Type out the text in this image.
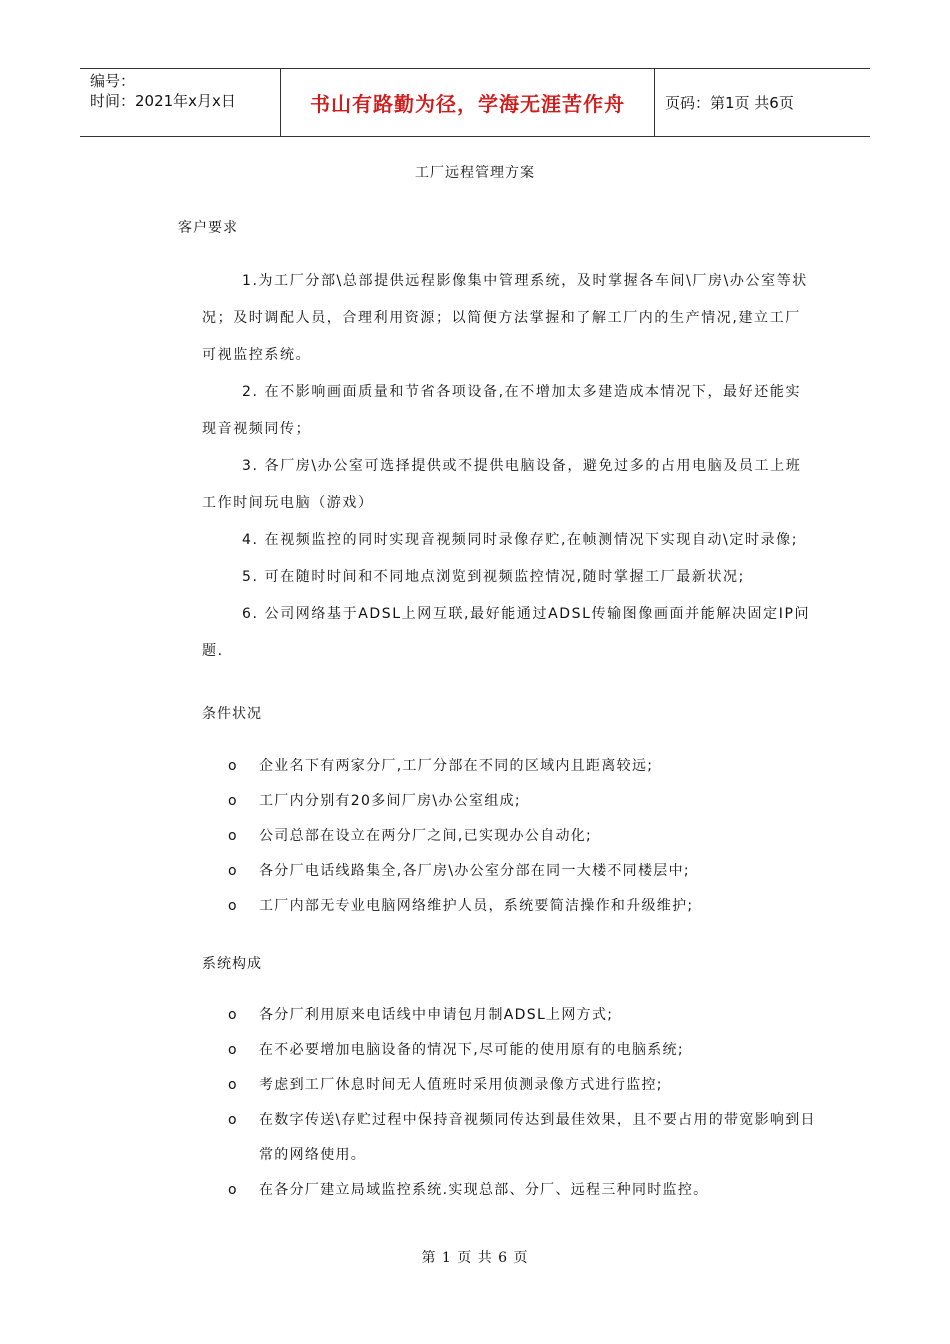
编号：
时间：2021年x月x日	书山有路勤为径，学海无涯苦作舟	页码：第1页 共6页
工厂远程管理方案
客户要求

1.为工厂分部\总部提供远程影像集中管理系统，及时掌握各车间\厂房\办公室等状况；及时调配人员，合理利用资源；以简便方法掌握和了解工厂内的生产情况,建立工厂可视监控系统。

2. 在不影响画面质量和节省各项设备,在不增加太多建造成本情况下，最好还能实现音视频同传；

3. 各厂房\办公室可选择提供或不提供电脑设备，避免过多的占用电脑及员工上班工作时间玩电脑（游戏）

4. 在视频监控的同时实现音视频同时录像存贮,在帧测情况下实现自动\定时录像;

5. 可在随时时间和不同地点浏览到视频监控情况,随时掌握工厂最新状况;

6. 公司网络基于ADSL上网互联,最好能通过ADSL传输图像画面并能解决固定IP问题.

条件状况
o 企业名下有两家分厂,工厂分部在不同的区域内且距离较远;
o 工厂内分别有20多间厂房\办公室组成;
o 公司总部在设立在两分厂之间,已实现办公自动化;
o 各分厂电话线路集全,各厂房\办公室分部在同一大楼不同楼层中;
o 工厂内部无专业电脑网络维护人员，系统要简洁操作和升级维护;
系统构成
o 各分厂利用原来电话线中申请包月制ADSL上网方式;
o 在不必要增加电脑设备的情况下,尽可能的使用原有的电脑系统;
o 考虑到工厂休息时间无人值班时采用侦测录像方式进行监控;
o 在数字传送\存贮过程中保持音视频同传达到最佳效果，且不要占用的带宽影响到日常的网络使用。
o 在各分厂建立局域监控系统.实现总部、分厂、远程三种同时监控。
第 1 页 共 6 页
